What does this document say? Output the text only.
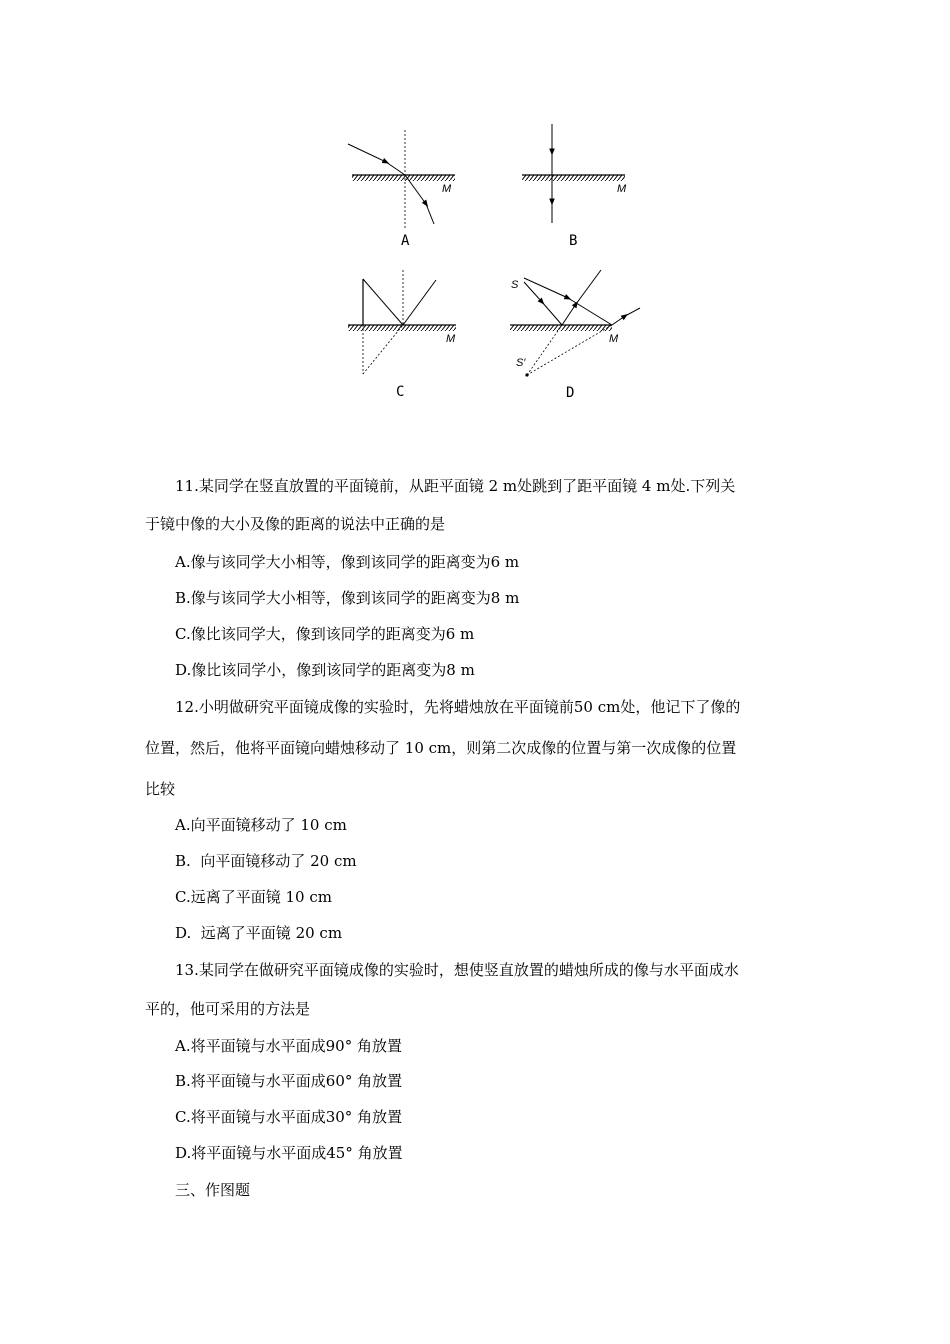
M	M
M	M
S
S′
A	B
C	D
11.某同学在竖直放置的平面镜前，从距平面镜 2 m处跳到了距平面镜 4 m处.下列关
于镜中像的大小及像的距离的说法中正确的是
A.像与该同学大小相等，像到该同学的距离变为6 m
B.像与该同学大小相等，像到该同学的距离变为8 m
C.像比该同学大，像到该同学的距离变为6 m
D.像比该同学小，像到该同学的距离变为8 m
12.小明做研究平面镜成像的实验时，先将蜡烛放在平面镜前50 cm处，他记下了像的
位置，然后，他将平面镜向蜡烛移动了 10 cm，则第二次成像的位置与第一次成像的位置
比较
A.向平面镜移动了 10 cm
B.  向平面镜移动了 20 cm
C.远离了平面镜 10 cm
D.  远离了平面镜 20 cm
13.某同学在做研究平面镜成像的实验时，想使竖直放置的蜡烛所成的像与水平面成水
平的，他可采用的方法是
A.将平面镜与水平面成90° 角放置
B.将平面镜与水平面成60° 角放置
C.将平面镜与水平面成30° 角放置
D.将平面镜与水平面成45° 角放置
三、作图题
